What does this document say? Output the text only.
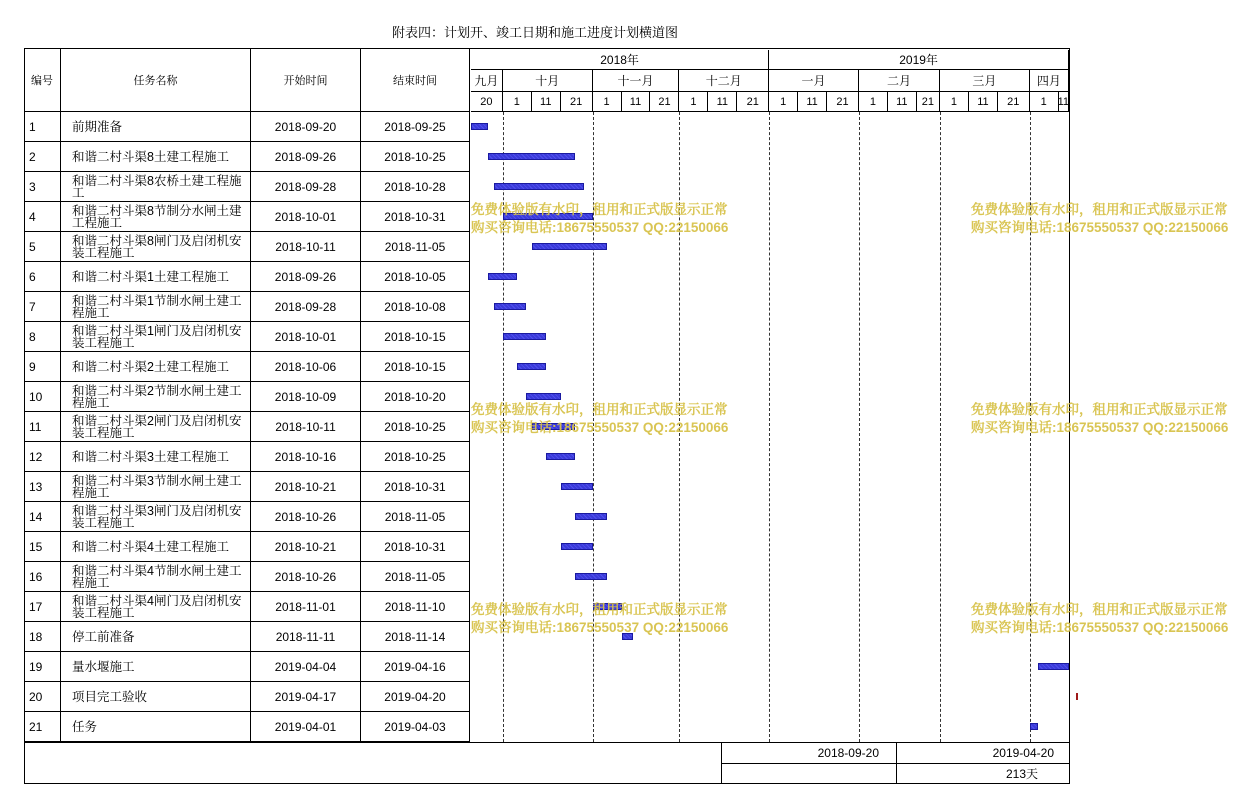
附表四：计划开、竣工日期和施工进度计划横道图
编号	任务名称	开始时间	结束时间
2018年	2019年
九月	十月	十一月	十二月	一月	二月	三月	四月
20	1	11	21	1	11	21	1	11	21	1	11	21	1	11	21	1	11	21	1 11
1	前期准备	2018-09-20	2018-09-25
2	和谐二村斗渠8土建工程施工	2018-09-26	2018-10-25
3	和谐二村斗渠8农桥土建工程施工	2018-09-28	2018-10-28
4	和谐二村斗渠8节制分水闸土建工程施工	2018-10-01	2018-10-31
5	和谐二村斗渠8闸门及启闭机安装工程施工	2018-10-11	2018-11-05
6	和谐二村斗渠1土建工程施工	2018-09-26	2018-10-05
7	和谐二村斗渠1节制水闸土建工程施工	2018-09-28	2018-10-08
8	和谐二村斗渠1闸门及启闭机安装工程施工	2018-10-01	2018-10-15
9	和谐二村斗渠2土建工程施工	2018-10-06	2018-10-15
10	和谐二村斗渠2节制水闸土建工程施工	2018-10-09	2018-10-20
11	和谐二村斗渠2闸门及启闭机安装工程施工	2018-10-11	2018-10-25
12	和谐二村斗渠3土建工程施工	2018-10-16	2018-10-25
13	和谐二村斗渠3节制水闸土建工程施工	2018-10-21	2018-10-31
14	和谐二村斗渠3闸门及启闭机安装工程施工	2018-10-26	2018-11-05
15	和谐二村斗渠4土建工程施工	2018-10-21	2018-10-31
16	和谐二村斗渠4节制水闸土建工程施工	2018-10-26	2018-11-05
17	和谐二村斗渠4闸门及启闭机安装工程施工	2018-11-01	2018-11-10
18	停工前准备	2018-11-11	2018-11-14
19	量水堰施工	2019-04-04	2019-04-16
20	项目完工验收	2019-04-17	2019-04-20
21	任务	2019-04-01	2019-04-03
免费体验版有水印，租用和正式版显示正常
购买咨询电话:18675550537 QQ:22150066
免费体验版有水印，租用和正式版显示正常
购买咨询电话:18675550537 QQ:22150066
免费体验版有水印，租用和正式版显示正常
购买咨询电话:18675550537 QQ:22150066
免费体验版有水印，租用和正式版显示正常
购买咨询电话:18675550537 QQ:22150066
免费体验版有水印，租用和正式版显示正常
购买咨询电话:18675550537 QQ:22150066
免费体验版有水印，租用和正式版显示正常
购买咨询电话:18675550537 QQ:22150066
2018-09-20	2019-04-20
213天
